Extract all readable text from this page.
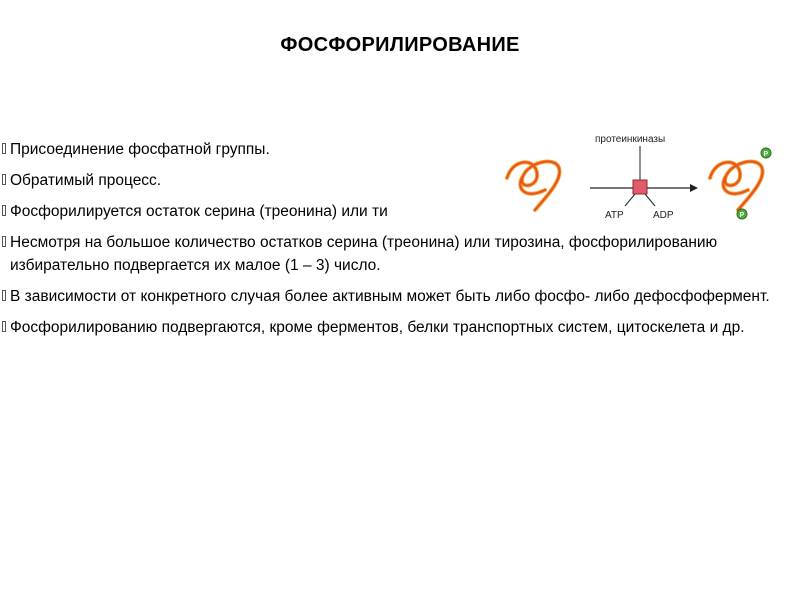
ФОСФОРИЛИРОВАНИЕ
Присоединение фосфатной группы.
Обратимый процесс.
Фосфорилируется остаток серина (треонина) или ти
Несмотря на большое количество остатков серина (треонина) или тирозина, фосфорилированию избирательно подвергается их малое (1 – 3) число.
В зависимости от конкретного случая более активным может быть либо фосфо- либо дефосфофермент.
Фосфорилированию подвергаются, кроме ферментов, белки транспортных систем, цитоскелета и др.
протеинкиназы
ATP	ADP
P
P
